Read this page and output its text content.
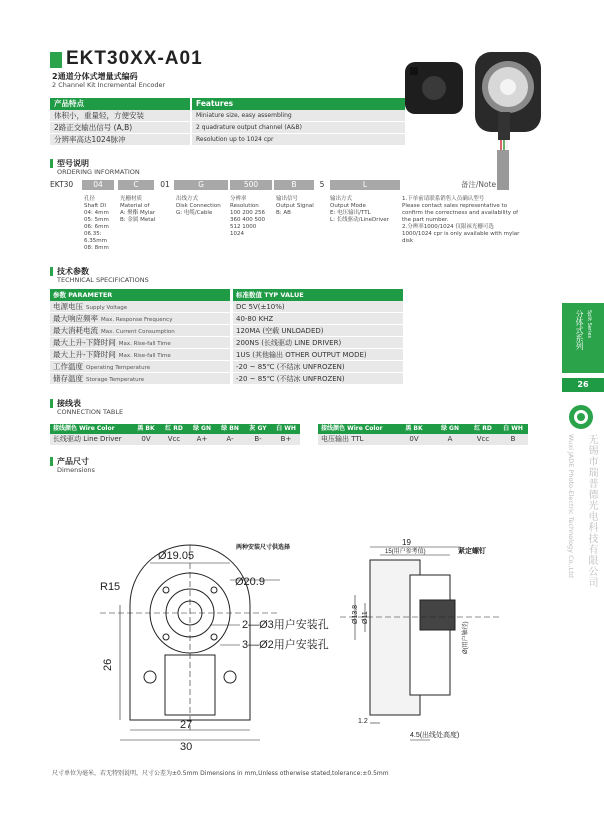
EKT30XX-A01
2通道分体式增量式编码
2 Channel Kit Incremental Encoder
产品特点	Features
体积小，重量轻，方便安装	Miniature size, easy assembling
2路正交输出信号 (A,B)	2 quadrature output channel (A&B)
分辨率高达1024脉冲	Resolution up to 1024 cpr
型号说明
ORDERING INFORMATION
EKT30	04	C	01	G	500	B	5	L	备注/Note
孔径
Shaft DI
04: 4mm
05: 5mm
06: 6mm
06.35:
6.35mm
08: 8mm
光栅材质
Material of
A: 聚酯 Mylar
B: 金属 Metal
出线方式
Disk Connection
G: 电缆/Cable
分辨率
Resolution
100 200 256
360 400 500
512 1000
1024
输出信号
Output Signal
B: AB
输出方式
Output Mode
E: 电压输出/TTL
L: 长线驱动/LineDriver
1.下单前请联系销售人员确认型号
Please contact sales representative to
confirm the correctness and availability of
the part number.
2.分辨率1000/1024 仅限袜光栅可选
1000/1024 cpr is only available with mylar
disk
技术参数
TECHNICAL SPECIFICATIONS
参数 PARAMETER	标准数值 TYP VALUE
电源电压 Supply Voltage	DC 5V(±10%)
最大响应频率 Max. Response Frequency	40-80 KHZ
最大消耗电流 Max. Current Consumption	120MA (空载 UNLOADED)
最大上升-下降时间 Max. Rise-fall Time	200NS (长线驱动 LINE DRIVER)
最大上升-下降时间 Max. Rise-fall Time	1US (其他输出 OTHER OUTPUT MODE)
工作温度 Operating Temperature	-20 ~ 85℃ (不结冰 UNFROZEN)
储存温度 Storage Temperature	-20 ~ 85℃ (不结冰 UNFROZEN)
接线表
CONNECTION TABLE
接线颜色 Wire Color	黑 BK	红 RD	绿 GN	绿 BN	灰 GY	白 WH
长线驱动 Line Driver	0V	Vcc	A+	A-	B-	B+
接线颜色 Wire Color	黑 BK	绿 GN	红 RD	白 WH
电压输出 TTL	0V	A	Vcc	B
产品尺寸
Dimensions
Ø19.05
Ø20.9
R15
26
27
30
2—Ø3用户安装孔
3—Ø2用户安装孔
两种安装尺寸供选择
19
15(用户参考值)	紧定螺钉
Ø13.8 Ø11
Ø(用户轴径)
1.2
4.5(出线处高度)
尺寸单位为毫米，若无特别说明，尺寸公差为±0.5mm Dimensions in mm,Unless otherwise stated,tolerance:±0.5mm
分体式系列 Split Series
26
无锡市瑞普德光电科技有限公司
Wuxi JADE Photo-Electric Technology Co.,Ltd
